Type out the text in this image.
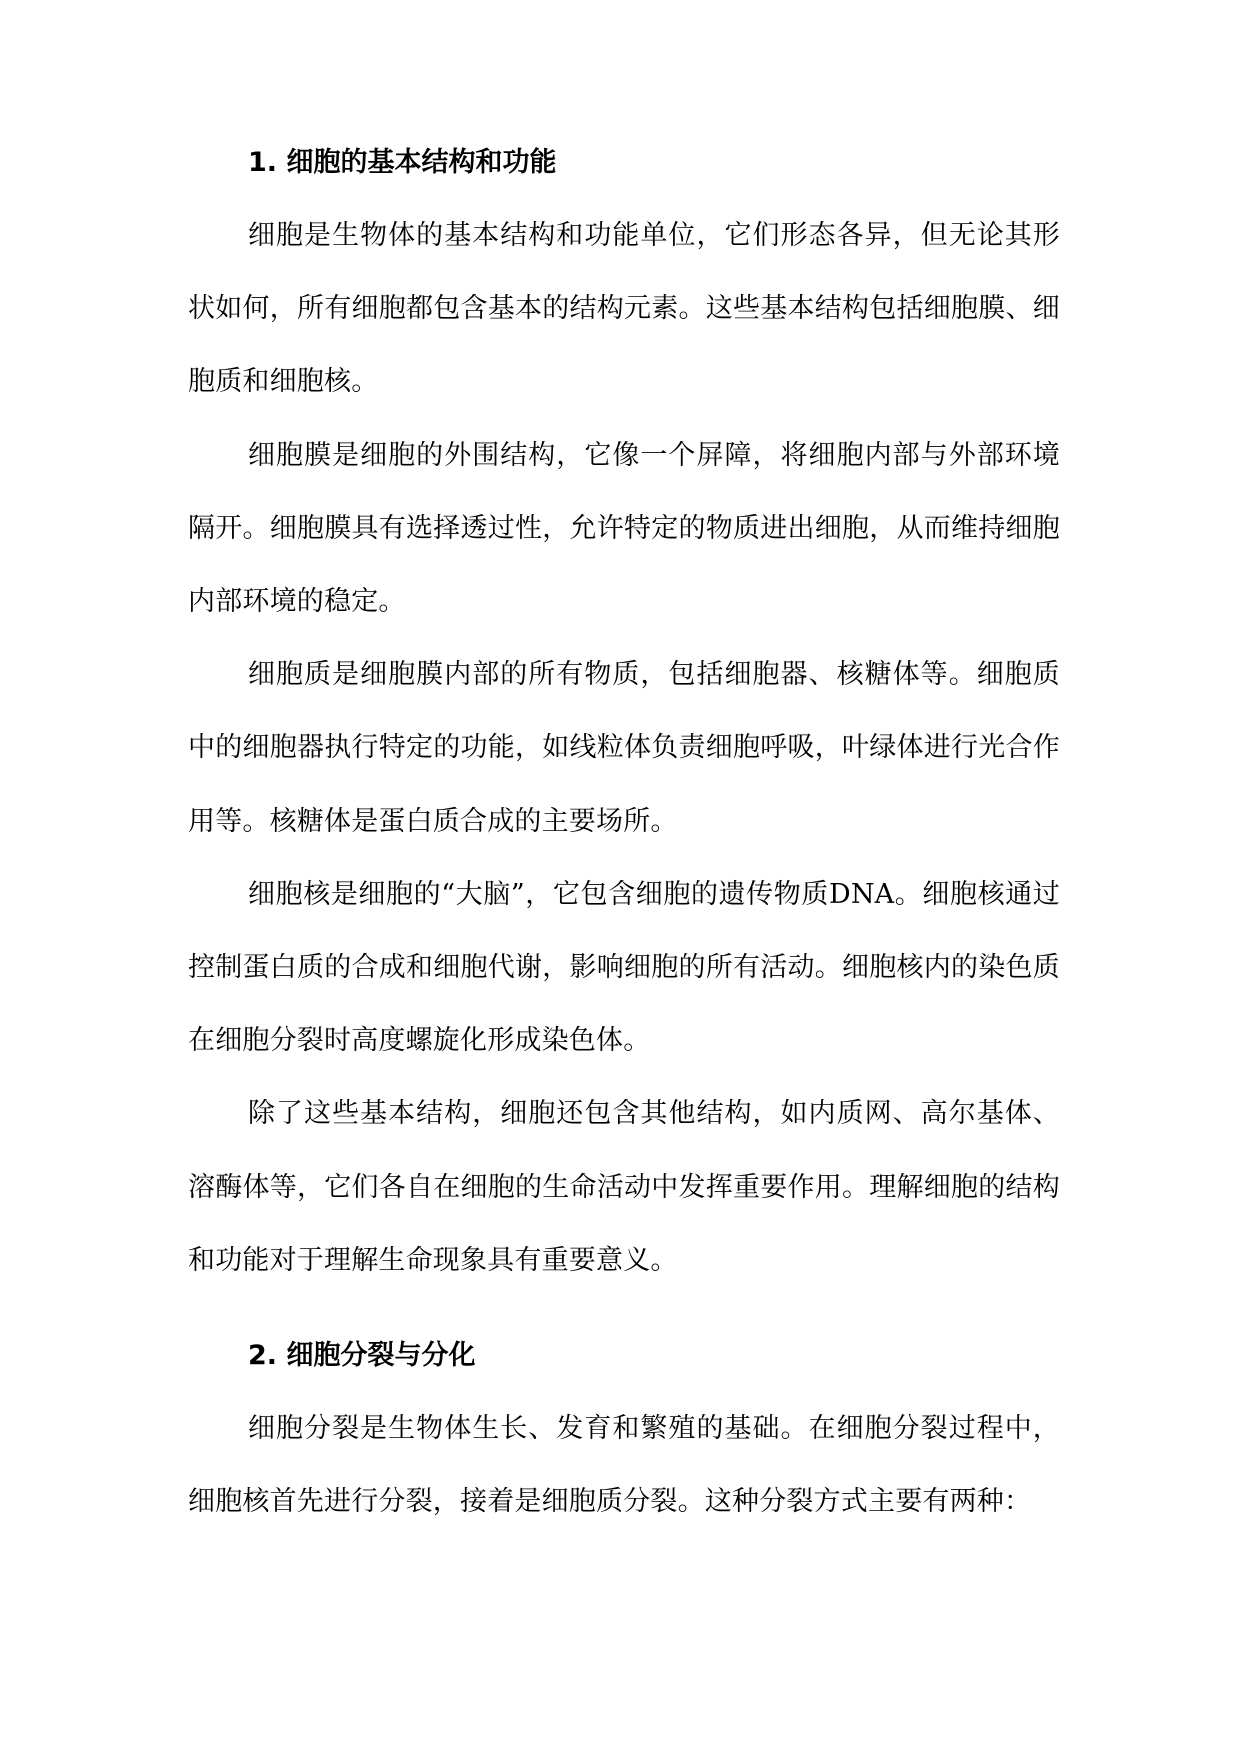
1. 细胞的基本结构和功能

细胞是生物体的基本结构和功能单位，它们形态各异，但无论其形状如何，所有细胞都包含基本的结构元素。这些基本结构包括细胞膜、细胞质和细胞核。

细胞膜是细胞的外围结构，它像一个屏障，将细胞内部与外部环境隔开。细胞膜具有选择透过性，允许特定的物质进出细胞，从而维持细胞内部环境的稳定。

细胞质是细胞膜内部的所有物质，包括细胞器、核糖体等。细胞质中的细胞器执行特定的功能，如线粒体负责细胞呼吸，叶绿体进行光合作用等。核糖体是蛋白质合成的主要场所。

细胞核是细胞的“大脑”，它包含细胞的遗传物质DNA。细胞核通过控制蛋白质的合成和细胞代谢，影响细胞的所有活动。细胞核内的染色质在细胞分裂时高度螺旋化形成染色体。

除了这些基本结构，细胞还包含其他结构，如内质网、高尔基体、溶酶体等，它们各自在细胞的生命活动中发挥重要作用。理解细胞的结构和功能对于理解生命现象具有重要意义。

2. 细胞分裂与分化

细胞分裂是生物体生长、发育和繁殖的基础。在细胞分裂过程中，细胞核首先进行分裂，接着是细胞质分裂。这种分裂方式主要有两种：
